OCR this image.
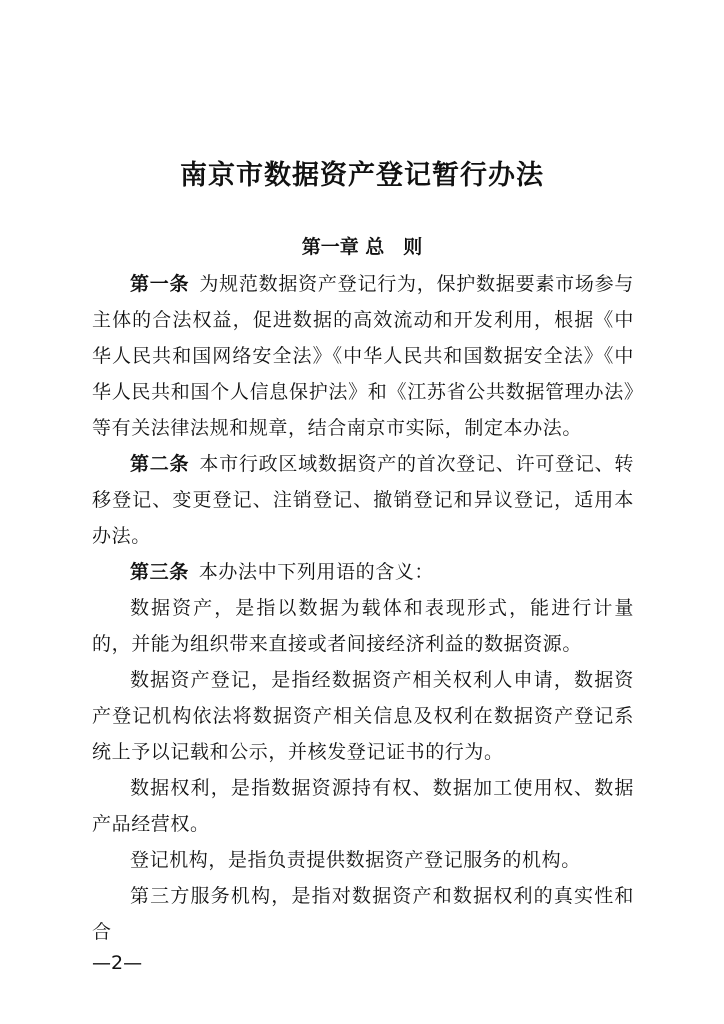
南京市数据资产登记暂行办法
第一章 总　则

第一条 为规范数据资产登记行为，保护数据要素市场参与主体的合法权益，促进数据的高效流动和开发利用，根据《中华人民共和国网络安全法》《中华人民共和国数据安全法》《中华人民共和国个人信息保护法》和《江苏省公共数据管理办法》等有关法律法规和规章，结合南京市实际，制定本办法。

第二条 本市行政区域数据资产的首次登记、许可登记、转移登记、变更登记、注销登记、撤销登记和异议登记，适用本办法。

第三条 本办法中下列用语的含义：

数据资产，是指以数据为载体和表现形式，能进行计量的，并能为组织带来直接或者间接经济利益的数据资源。

数据资产登记，是指经数据资产相关权利人申请，数据资产登记机构依法将数据资产相关信息及权利在数据资产登记系统上予以记载和公示，并核发登记证书的行为。

数据权利，是指数据资源持有权、数据加工使用权、数据产品经营权。

登记机构，是指负责提供数据资产登记服务的机构。

第三方服务机构，是指对数据资产和数据权利的真实性和合

—2—
